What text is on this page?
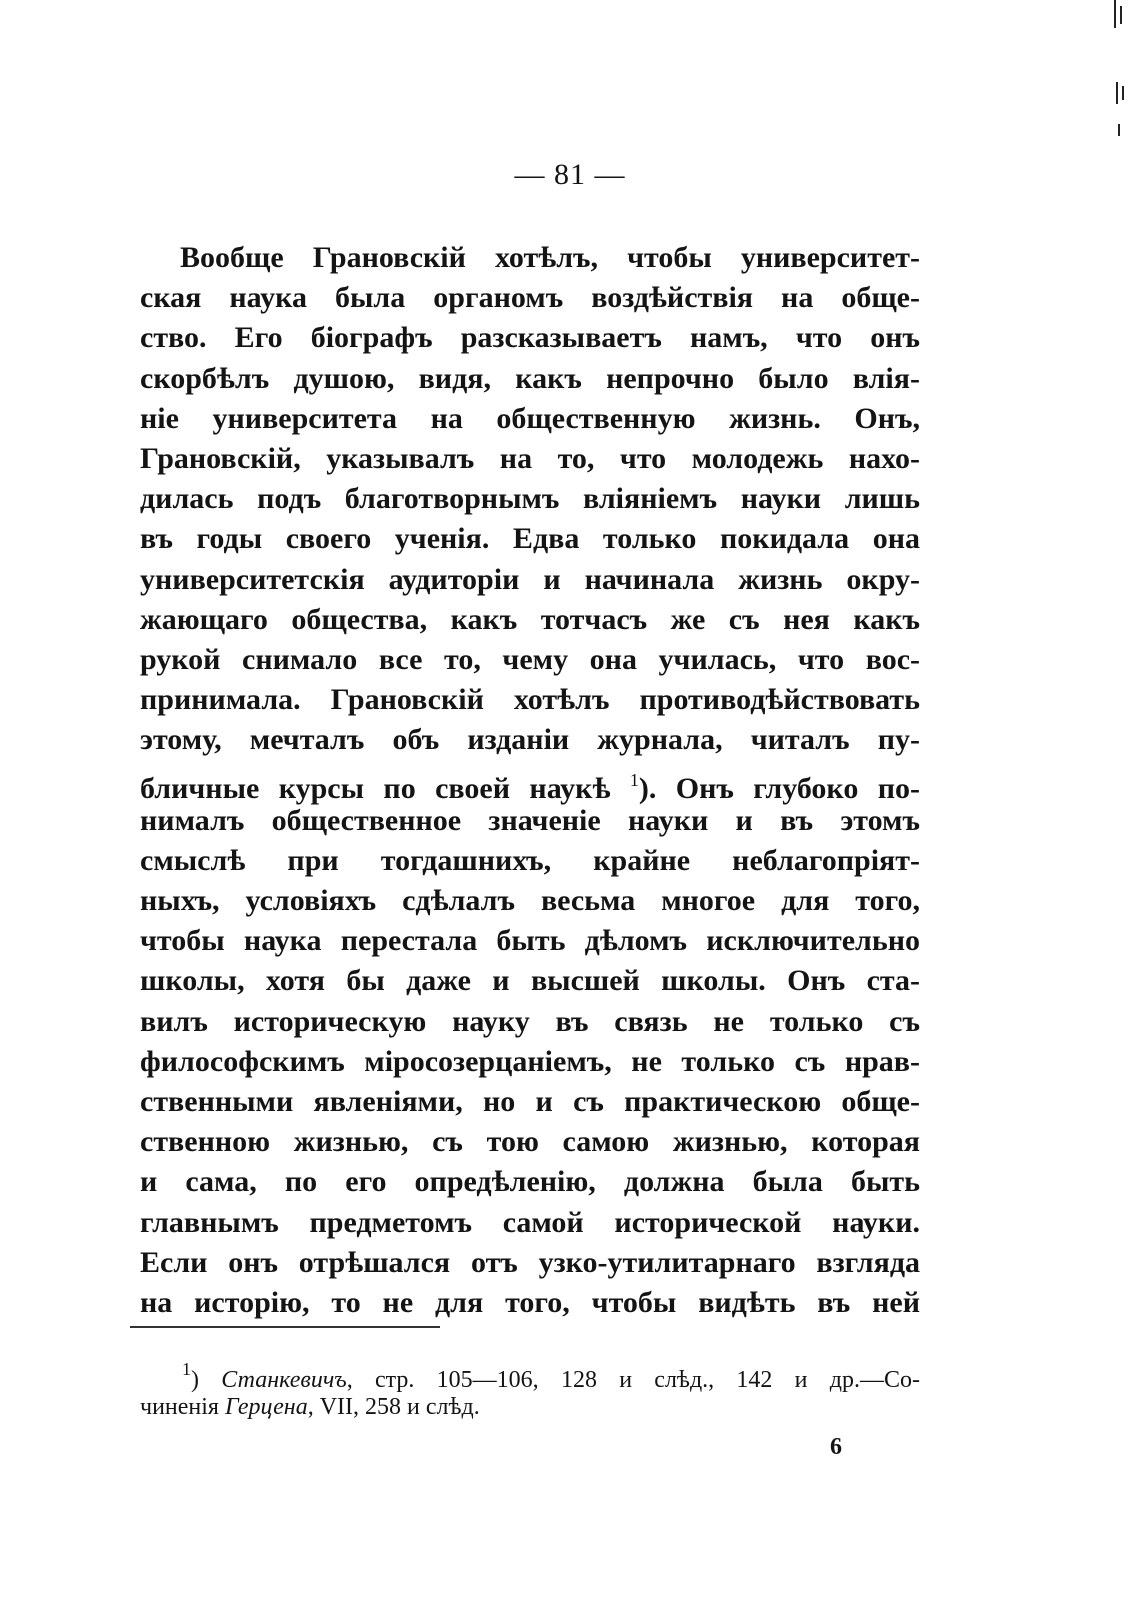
— 81 —
Вообще Грановскій хотѣлъ, чтобы университет-
ская наука была органомъ воздѣйствія на обще-
ство. Его біографъ разсказываетъ намъ, что онъ
скорбѣлъ душою, видя, какъ непрочно было влія-
ніе университета на общественную жизнь. Онъ,
Грановскій, указывалъ на то, что молодежь нахо-
дилась подъ благотворнымъ вліяніемъ науки лишь
въ годы своего ученія. Едва только покидала она
университетскія аудиторіи и начинала жизнь окру-
жающаго общества, какъ тотчасъ же съ нея какъ
рукой снимало все то, чему она училась, что вос-
принимала. Грановскій хотѣлъ противодѣйствовать
этому, мечталъ объ изданіи журнала, читалъ пу-
бличные курсы по своей наукѣ $^1$). Онъ глубоко по-
нималъ общественное значеніе науки и въ этомъ
смыслѣ при тогдашнихъ, крайне неблагопріят-
ныхъ, условіяхъ сдѣлалъ весьма многое для того,
чтобы наука перестала быть дѣломъ исключительно
школы, хотя бы даже и высшей школы. Онъ ста-
вилъ историческую науку въ связь не только съ
философскимъ міросозерцаніемъ, не только съ нрав-
ственными явленіями, но и съ практическою обще-
ственною жизнью, съ тою самою жизнью, которая
и сама, по его опредѣленію, должна была быть
главнымъ предметомъ самой исторической науки.
Если онъ отрѣшался отъ узко-утилитарнаго взгляда
на исторію, то не для того, чтобы видѣть въ ней
$^1$) Станкевичъ, стр. 105—106, 128 и слѣд., 142 и др.—Со-
чиненія Герцена, VII, 258 и слѣд.
6
